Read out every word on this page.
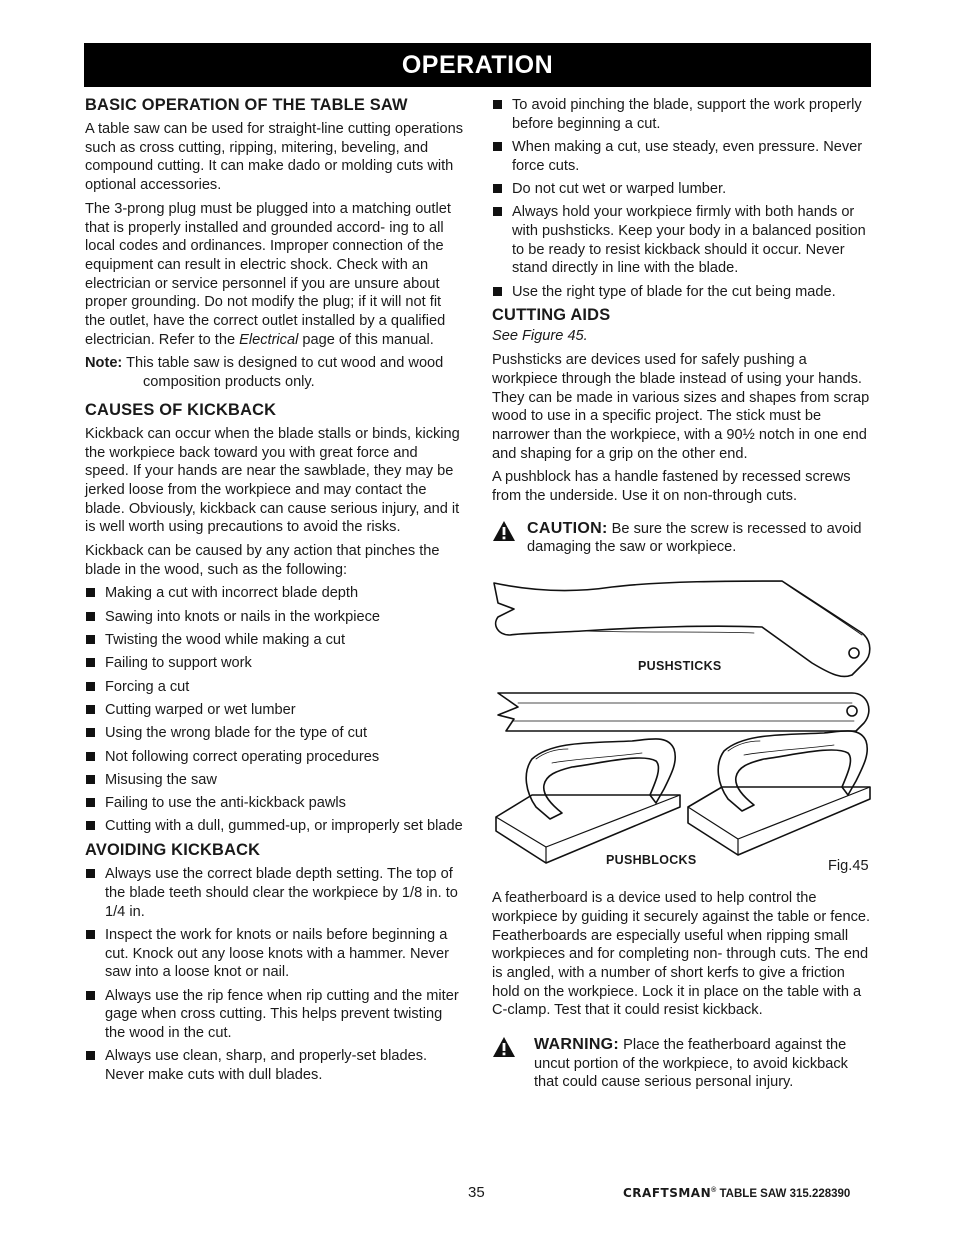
OPERATION
BASIC OPERATION OF THE TABLE SAW

A table saw can be used for straight-line cutting operations such as cross cutting, ripping, mitering, beveling, and compound cutting. It can make dado or molding cuts with optional accessories.

The 3-prong plug must be plugged into a matching outlet that is properly installed and grounded accord- ing to all local codes and ordinances. Improper connection of the equipment can result in electric shock. Check with an electrician or service personnel if you are unsure about proper grounding. Do not modify the plug; if it will not fit the outlet, have the correct outlet installed by a qualified electrician. Refer to the Electrical page of this manual.

Note: This table saw is designed to cut wood and wood composition products only.

CAUSES OF KICKBACK

Kickback can occur when the blade stalls or binds, kicking the workpiece back toward you with great force and speed. If your hands are near the sawblade, they may be jerked loose from the workpiece and may contact the blade. Obviously, kickback can cause serious injury, and it is well worth using precautions to avoid the risks.

Kickback can be caused by any action that pinches the blade in the wood, such as the following:

Making a cut with incorrect blade depth
Sawing into knots or nails in the workpiece
Twisting the wood while making a cut
Failing to support work
Forcing a cut
Cutting warped or wet lumber
Using the wrong blade for the type of cut
Not following correct operating procedures
Misusing the saw
Failing to use the anti-kickback pawls
Cutting with a dull, gummed-up, or improperly set blade
AVOIDING KICKBACK
Always use the correct blade depth setting. The top of the blade teeth should clear the workpiece by 1/8 in. to 1/4 in.
Inspect the work for knots or nails before beginning a cut. Knock out any loose knots with a hammer. Never saw into a loose knot or nail.
Always use the rip fence when rip cutting and the miter gage when cross cutting. This helps prevent twisting the wood in the cut.
Always use clean, sharp, and properly-set blades. Never make cuts with dull blades.
To avoid pinching the blade, support the work properly before beginning a cut.
When making a cut, use steady, even pressure. Never force cuts.
Do not cut wet or warped lumber.
Always hold your workpiece firmly with both hands or with pushsticks. Keep your body in a balanced position to be ready to resist kickback should it occur. Never stand directly in line with the blade.
Use the right type of blade for the cut being made.
CUTTING AIDS

See Figure 45.

Pushsticks are devices used for safely pushing a workpiece through the blade instead of using your hands. They can be made in various sizes and shapes from scrap wood to use in a specific project. The stick must be narrower than the workpiece, with a 90½ notch in one end and shaping for a grip on the other end.

A pushblock has a handle fastened by recessed screws from the underside. Use it on non-through cuts.

CAUTION: Be sure the screw is recessed to avoid damaging the saw or workpiece.
PUSHSTICKS
PUSHBLOCKS	Fig.45

A featherboard is a device used to help control the workpiece by guiding it securely against the table or fence. Featherboards are especially useful when ripping small workpieces and for completing non- through cuts. The end is angled, with a number of short kerfs to give a friction hold on the workpiece. Lock it in place on the table with a C-clamp. Test that it could resist kickback.

WARNING: Place the featherboard against the uncut portion of the workpiece, to avoid kickback that could cause serious personal injury.
35	CRAFTSMAN® TABLE SAW 315.228390
